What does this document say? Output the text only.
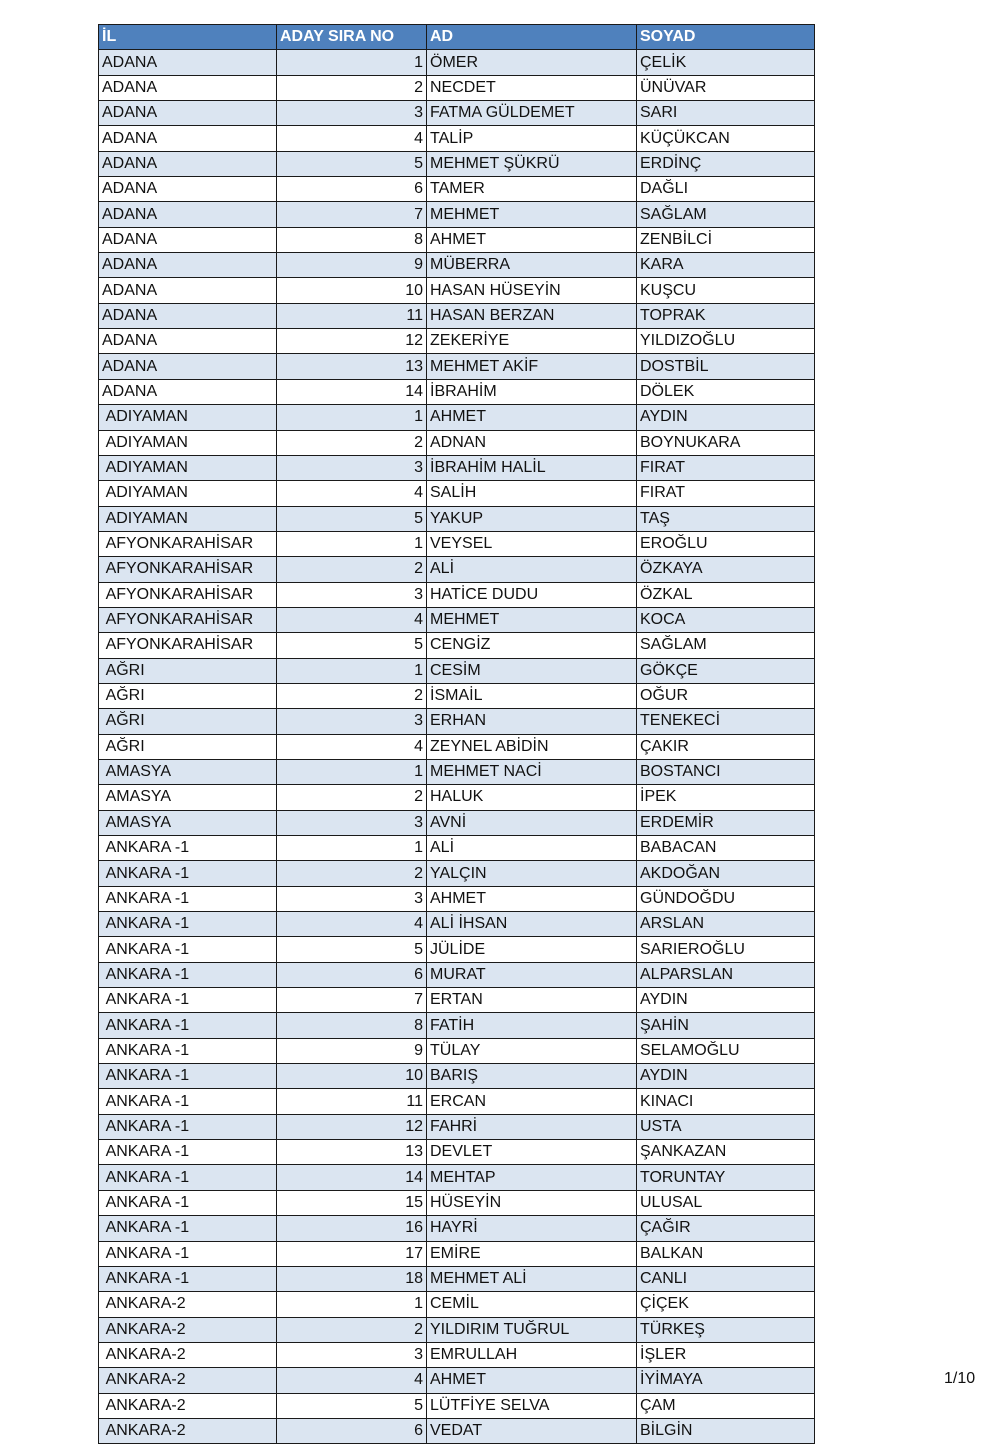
İL	ADAY SIRA NO	AD	SOYAD
ADANA	1	ÖMER	ÇELİK
ADANA	2	NECDET	ÜNÜVAR
ADANA	3	FATMA GÜLDEMET	SARI
ADANA	4	TALİP	KÜÇÜKCAN
ADANA	5	MEHMET ŞÜKRÜ	ERDİNÇ
ADANA	6	TAMER	DAĞLI
ADANA	7	MEHMET	SAĞLAM
ADANA	8	AHMET	ZENBİLCİ
ADANA	9	MÜBERRA	KARA
ADANA	10	HASAN HÜSEYİN	KUŞCU
ADANA	11	HASAN BERZAN	TOPRAK
ADANA	12	ZEKERİYE	YILDIZOĞLU
ADANA	13	MEHMET AKİF	DOSTBİL
ADANA	14	İBRAHİM	DÖLEK
ADIYAMAN	1	AHMET	AYDIN
ADIYAMAN	2	ADNAN	BOYNUKARA
ADIYAMAN	3	İBRAHİM HALİL	FIRAT
ADIYAMAN	4	SALİH	FIRAT
ADIYAMAN	5	YAKUP	TAŞ
AFYONKARAHİSAR	1	VEYSEL	EROĞLU
AFYONKARAHİSAR	2	ALİ	ÖZKAYA
AFYONKARAHİSAR	3	HATİCE DUDU	ÖZKAL
AFYONKARAHİSAR	4	MEHMET	KOCA
AFYONKARAHİSAR	5	CENGİZ	SAĞLAM
AĞRI	1	CESİM	GÖKÇE
AĞRI	2	İSMAİL	OĞUR
AĞRI	3	ERHAN	TENEKECİ
AĞRI	4	ZEYNEL ABİDİN	ÇAKIR
AMASYA	1	MEHMET NACİ	BOSTANCI
AMASYA	2	HALUK	İPEK
AMASYA	3	AVNİ	ERDEMİR
ANKARA -1	1	ALİ	BABACAN
ANKARA -1	2	YALÇIN	AKDOĞAN
ANKARA -1	3	AHMET	GÜNDOĞDU
ANKARA -1	4	ALİ İHSAN	ARSLAN
ANKARA -1	5	JÜLİDE	SARIEROĞLU
ANKARA -1	6	MURAT	ALPARSLAN
ANKARA -1	7	ERTAN	AYDIN
ANKARA -1	8	FATİH	ŞAHİN
ANKARA -1	9	TÜLAY	SELAMOĞLU
ANKARA -1	10	BARIŞ	AYDIN
ANKARA -1	11	ERCAN	KINACI
ANKARA -1	12	FAHRİ	USTA
ANKARA -1	13	DEVLET	ŞANKAZAN
ANKARA -1	14	MEHTAP	TORUNTAY
ANKARA -1	15	HÜSEYİN	ULUSAL
ANKARA -1	16	HAYRİ	ÇAĞIR
ANKARA -1	17	EMİRE	BALKAN
ANKARA -1	18	MEHMET ALİ	CANLI
ANKARA-2	1	CEMİL	ÇİÇEK
ANKARA-2	2	YILDIRIM TUĞRUL	TÜRKEŞ
ANKARA-2	3	EMRULLAH	İŞLER
ANKARA-2	4	AHMET	İYİMAYA
ANKARA-2	5	LÜTFİYE SELVA	ÇAM
ANKARA-2	6	VEDAT	BİLGİN
1/10
